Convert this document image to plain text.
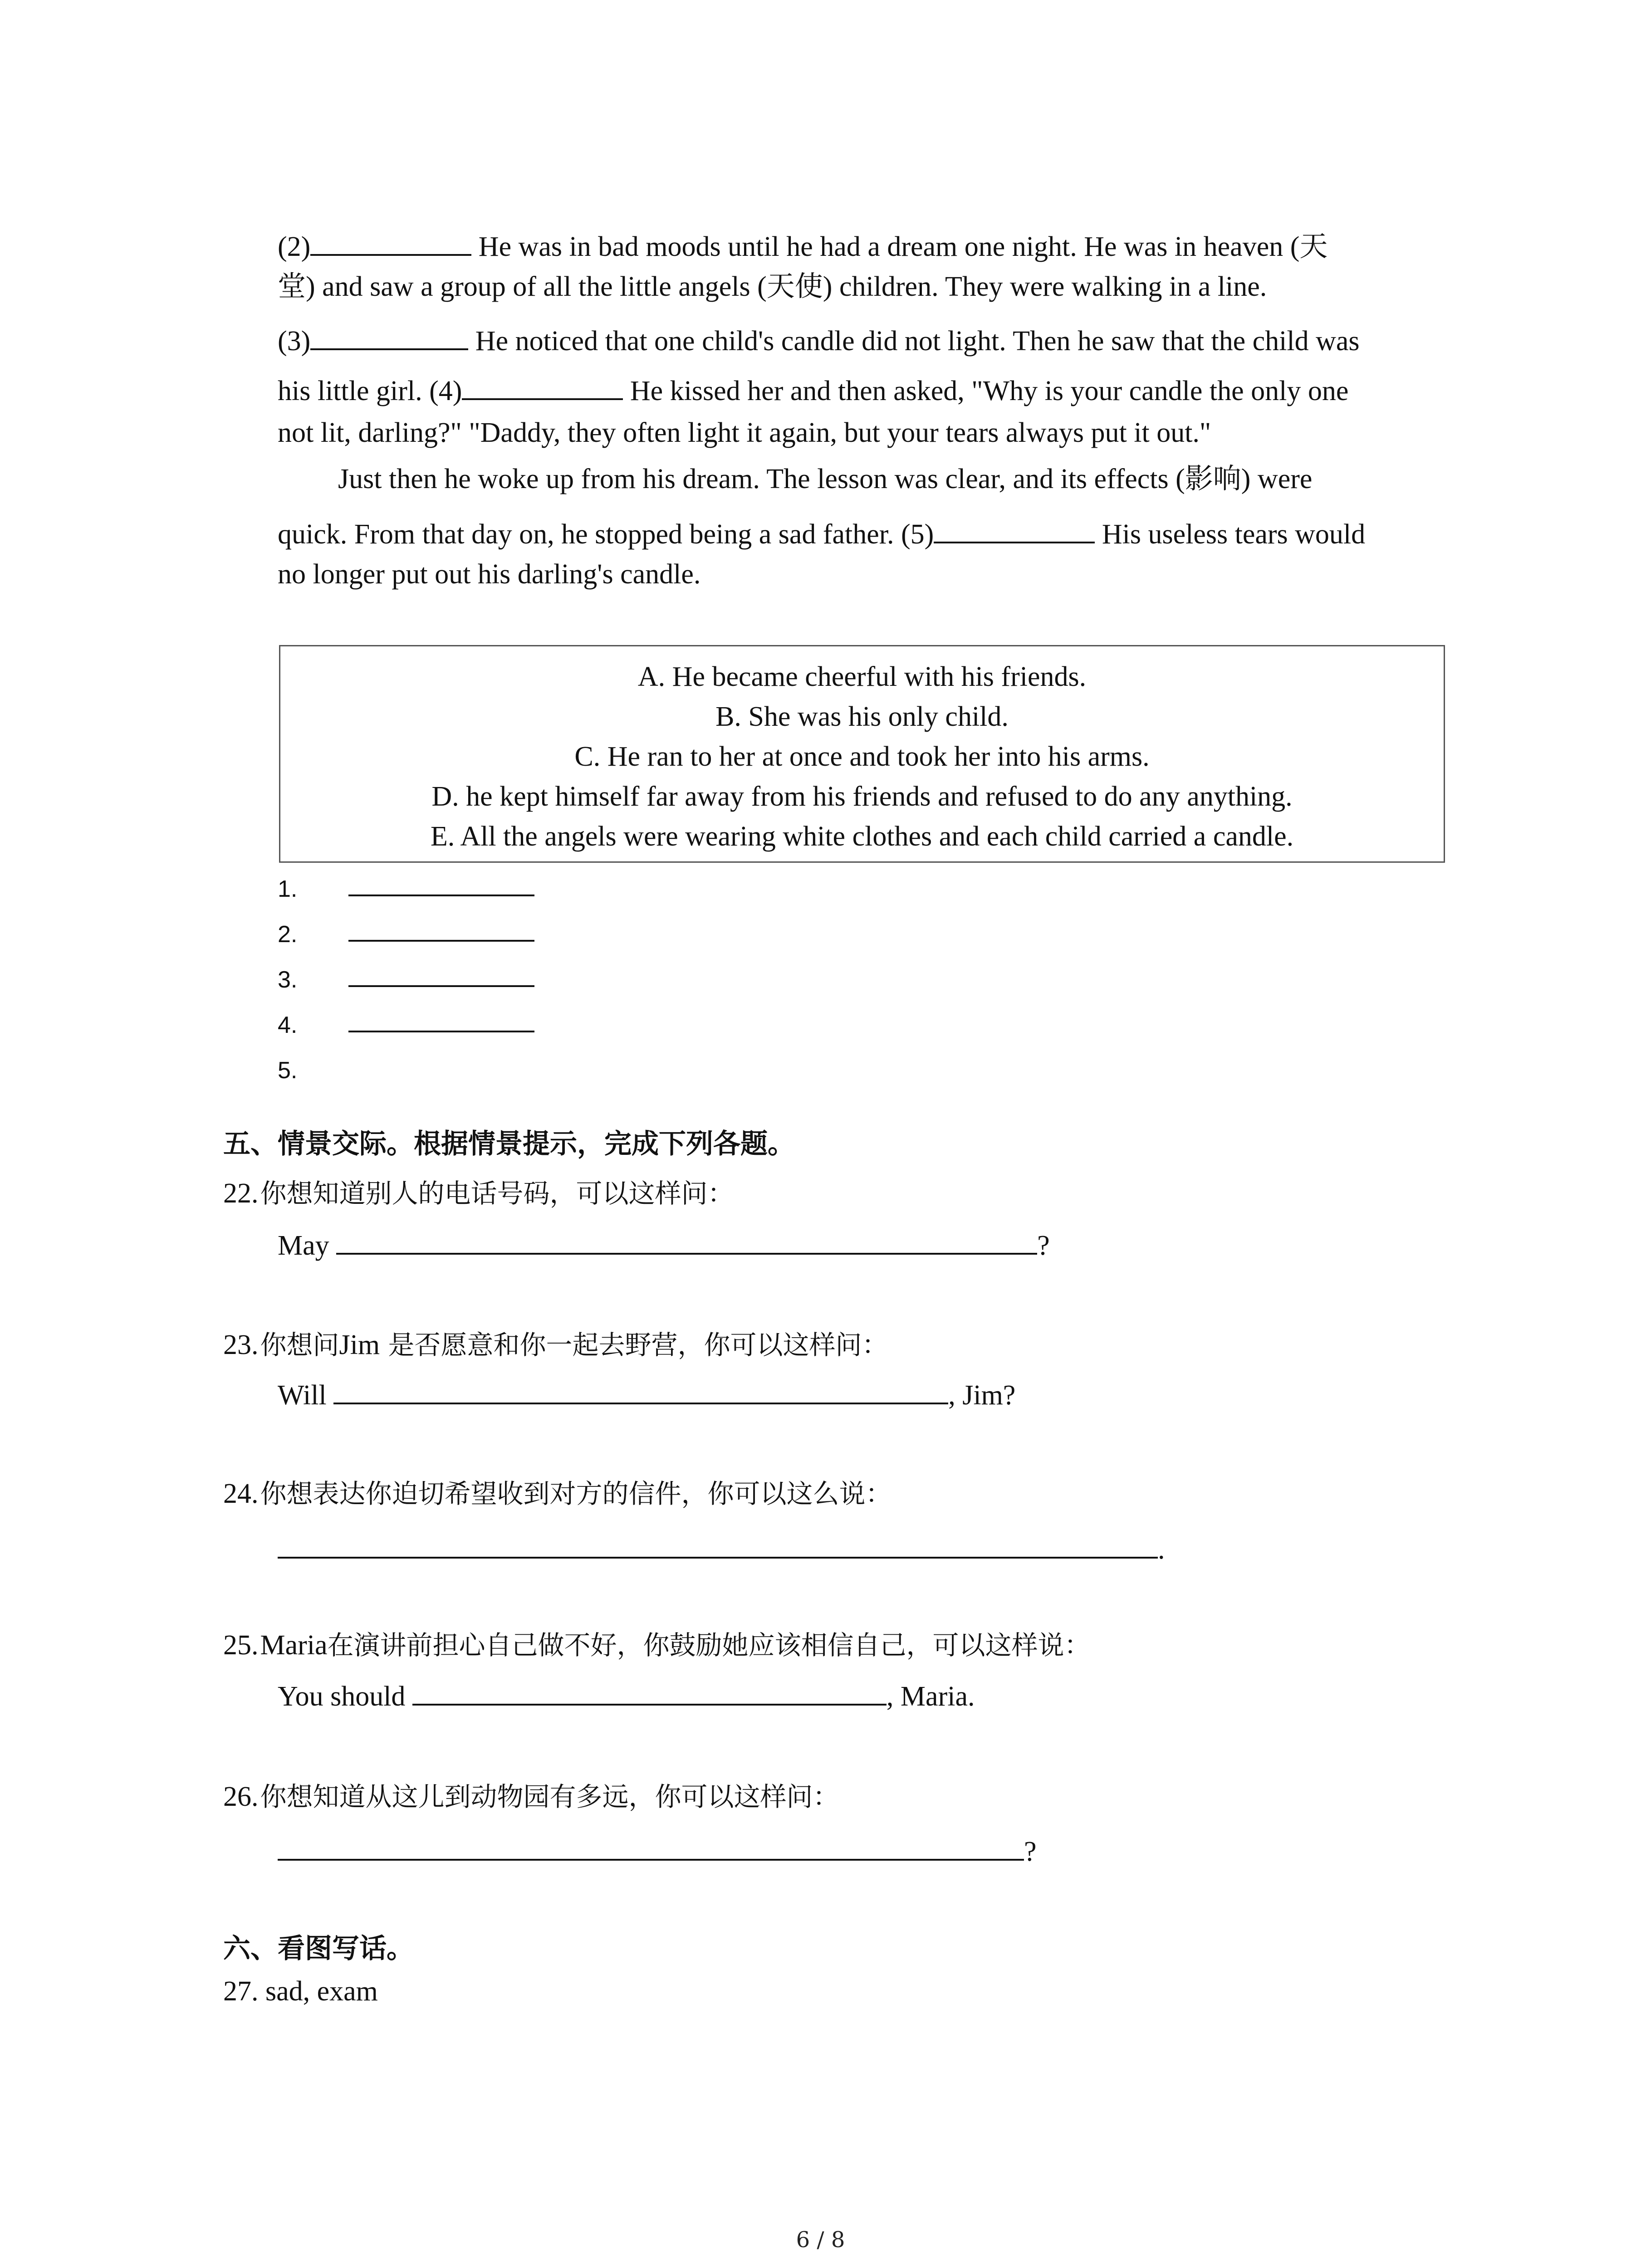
(2)	He was in bad moods until he had a dream one night. He was in heaven (天
堂) and saw a group of all the little angels (天使) children. They were walking in a line.
(3)	He noticed that one child's candle did not light. Then he saw that the child was
his little girl. (4)	He kissed her and then asked, "Why is your candle the only one
not lit, darling?" "Daddy, they often light it again, but your tears always put it out."
Just then he woke up from his dream. The lesson was clear, and its effects (影响) were
quick. From that day on, he stopped being a sad father. (5)	His useless tears would
no longer put out his darling's candle.
A. He became cheerful with his friends.
B. She was his only child.
C. He ran to her at once and took her into his arms.
D. he kept himself far away from his friends and refused to do any anything.
E. All the angels were wearing white clothes and each child carried a candle.
1.
2.
3.
4.
5.
五、情景交际。根据情景提示，完成下列各题。
22. 你想知道别人的电话号码，可以这样问：
May	?
23. 你想问Jim 是否愿意和你一起去野营，你可以这样问：
Will	, Jim?
24. 你想表达你迫切希望收到对方的信件，你可以这么说：
.
25. Maria在演讲前担心自己做不好，你鼓励她应该相信自己，可以这样说：
You should	, Maria.
26. 你想知道从这儿到动物园有多远，你可以这样问：
?
六、看图写话。
27. sad, exam
6 / 8
